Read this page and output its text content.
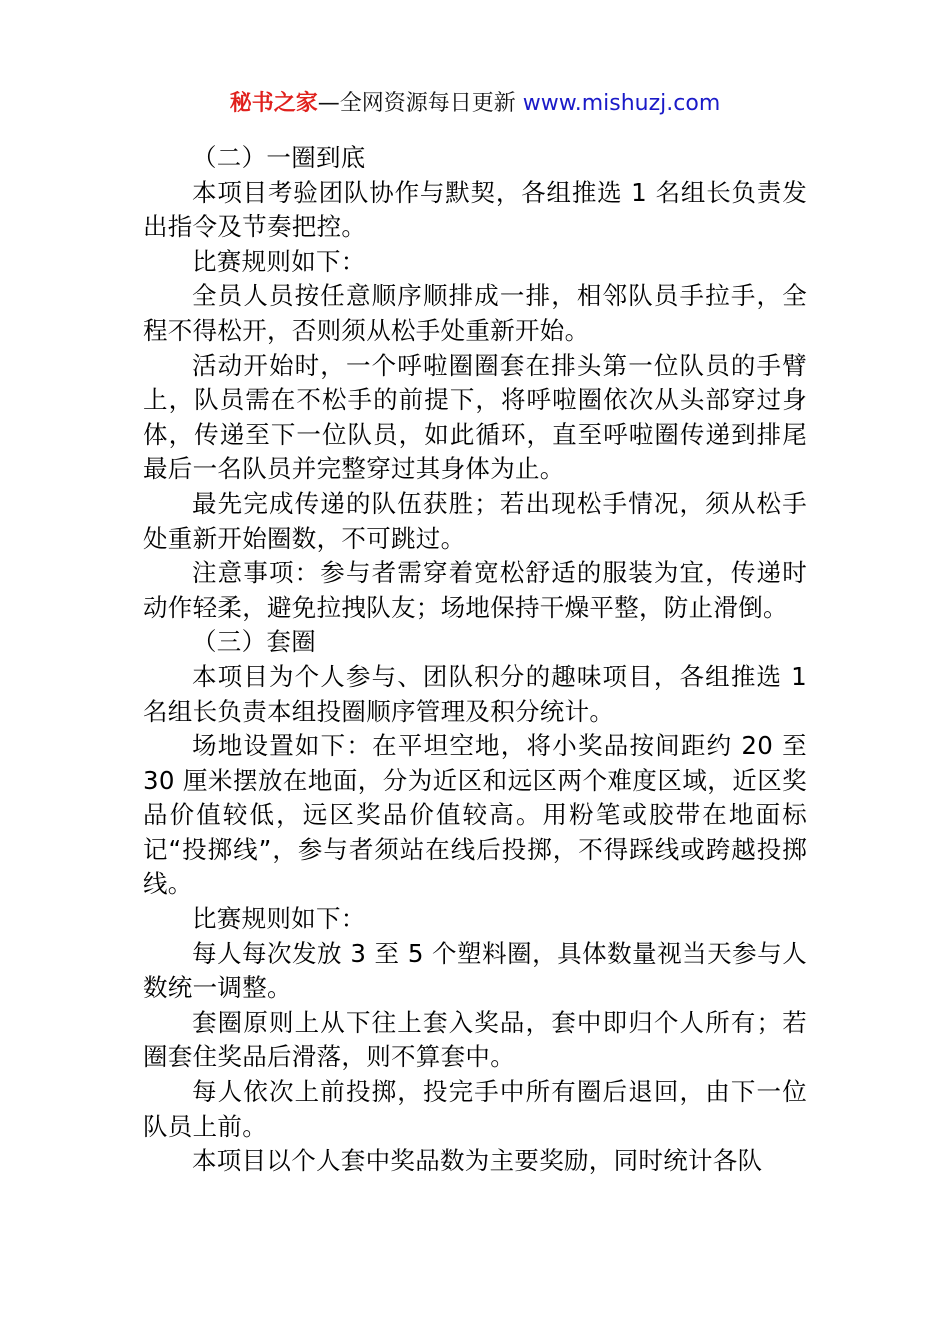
秘书之家—全网资源每日更新 www.mishuzj.com

（二）一圈到底

本项目考验团队协作与默契，各组推选 1 名组长负责发出指令及节奏把控。

比赛规则如下：

全员人员按任意顺序顺排成一排，相邻队员手拉手，全程不得松开，否则须从松手处重新开始。

活动开始时，一个呼啦圈圈套在排头第一位队员的手臂上，队员需在不松手的前提下，将呼啦圈依次从头部穿过身体，传递至下一位队员，如此循环，直至呼啦圈传递到排尾最后一名队员并完整穿过其身体为止。

最先完成传递的队伍获胜；若出现松手情况，须从松手处重新开始圈数，不可跳过。

注意事项：参与者需穿着宽松舒适的服装为宜，传递时动作轻柔，避免拉拽队友；场地保持干燥平整，防止滑倒。

（三）套圈

本项目为个人参与、团队积分的趣味项目，各组推选 1 名组长负责本组投圈顺序管理及积分统计。

场地设置如下：在平坦空地，将小奖品按间距约 20 至 30 厘米摆放在地面，分为近区和远区两个难度区域，近区奖品价值较低，远区奖品价值较高。用粉笔或胶带在地面标记“投掷线”，参与者须站在线后投掷，不得踩线或跨越投掷线。

比赛规则如下：

每人每次发放 3 至 5 个塑料圈，具体数量视当天参与人数统一调整。

套圈原则上从下往上套入奖品，套中即归个人所有；若圈套住奖品后滑落，则不算套中。

每人依次上前投掷，投完手中所有圈后退回，由下一位队员上前。

本项目以个人套中奖品数为主要奖励，同时统计各队
